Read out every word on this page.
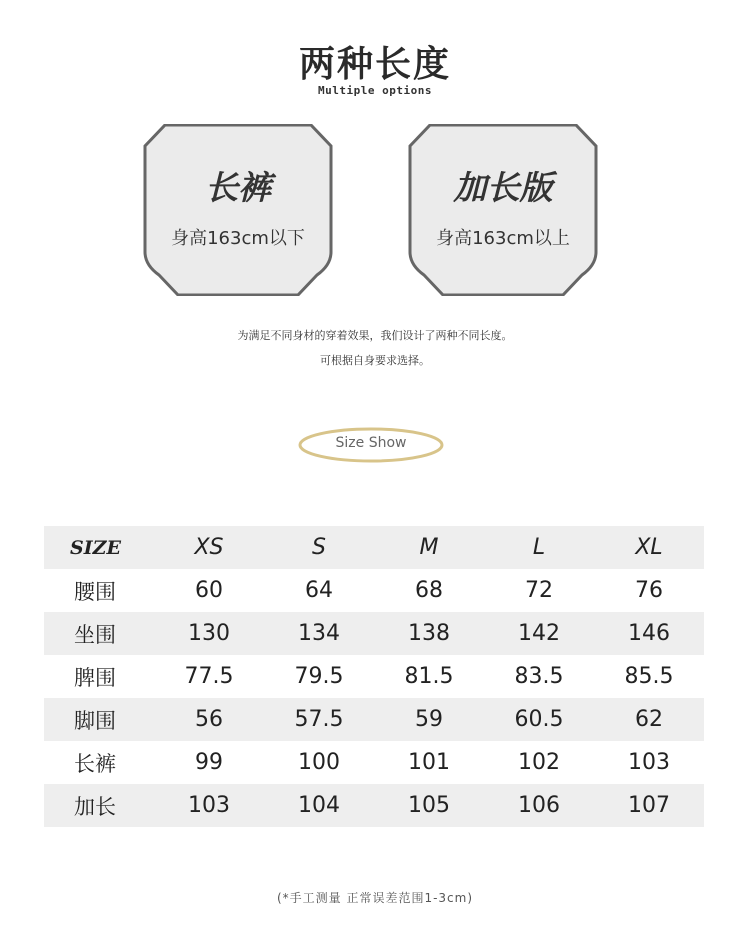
两种长度
Multiple options
长裤
身高163cm以下
加长版
身高163cm以上
为满足不同身材的穿着效果，我们设计了两种不同长度。
可根据自身要求选择。
Size Show
SIZE	XS	S	M	L	XL
腰围	60	64	68	72	76
坐围	130	134	138	142	146
脾围	77.5	79.5	81.5	83.5	85.5
脚围	56	57.5	59	60.5	62
长裤	99	100	101	102	103
加长	103	104	105	106	107
(*手工测量 正常误差范围1-3cm)
